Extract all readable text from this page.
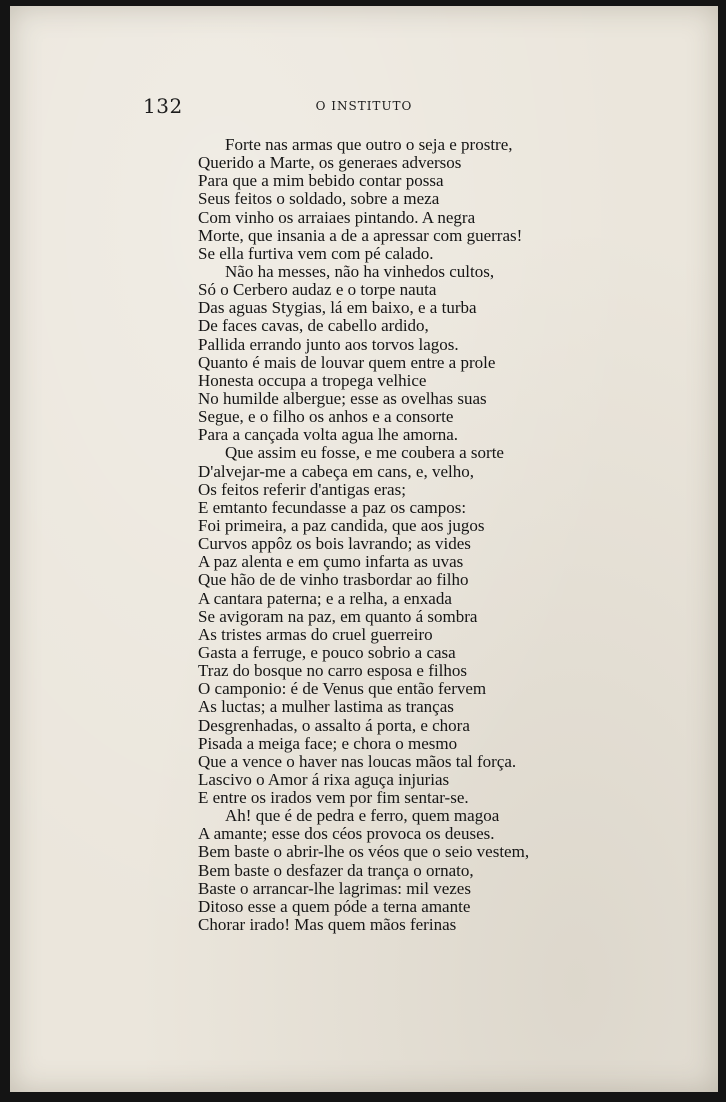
132	O INSTITUTO
Forte nas armas que outro o seja e prostre,
Querido a Marte, os generaes adversos
Para que a mim bebido contar possa
Seus feitos o soldado, sobre a meza
Com vinho os arraiaes pintando. A negra
Morte, que insania a de a apressar com guerras!
Se ella furtiva vem com pé calado.
Não ha messes, não ha vinhedos cultos,
Só o Cerbero audaz e o torpe nauta
Das aguas Stygias, lá em baixo, e a turba
De faces cavas, de cabello ardido,
Pallida errando junto aos torvos lagos.
Quanto é mais de louvar quem entre a prole
Honesta occupa a tropega velhice
No humilde albergue; esse as ovelhas suas
Segue, e o filho os anhos e a consorte
Para a cançada volta agua lhe amorna.
Que assim eu fosse, e me coubera a sorte
D'alvejar-me a cabeça em cans, e, velho,
Os feitos referir d'antigas eras;
E emtanto fecundasse a paz os campos:
Foi primeira, a paz candida, que aos jugos
Curvos appôz os bois lavrando; as vides
A paz alenta e em çumo infarta as uvas
Que hão de de vinho trasbordar ao filho
A cantara paterna; e a relha, a enxada
Se avigoram na paz, em quanto á sombra
As tristes armas do cruel guerreiro
Gasta a ferruge, e pouco sobrio a casa
Traz do bosque no carro esposa e filhos
O camponio: é de Venus que então fervem
As luctas; a mulher lastima as tranças
Desgrenhadas, o assalto á porta, e chora
Pisada a meiga face; e chora o mesmo
Que a vence o haver nas loucas mãos tal força.
Lascivo o Amor á rixa aguça injurias
E entre os irados vem por fim sentar-se.
Ah! que é de pedra e ferro, quem magoa
A amante; esse dos céos provoca os deuses.
Bem baste o abrir-lhe os véos que o seio vestem,
Bem baste o desfazer da trança o ornato,
Baste o arrancar-lhe lagrimas: mil vezes
Ditoso esse a quem póde a terna amante
Chorar irado! Mas quem mãos ferinas
